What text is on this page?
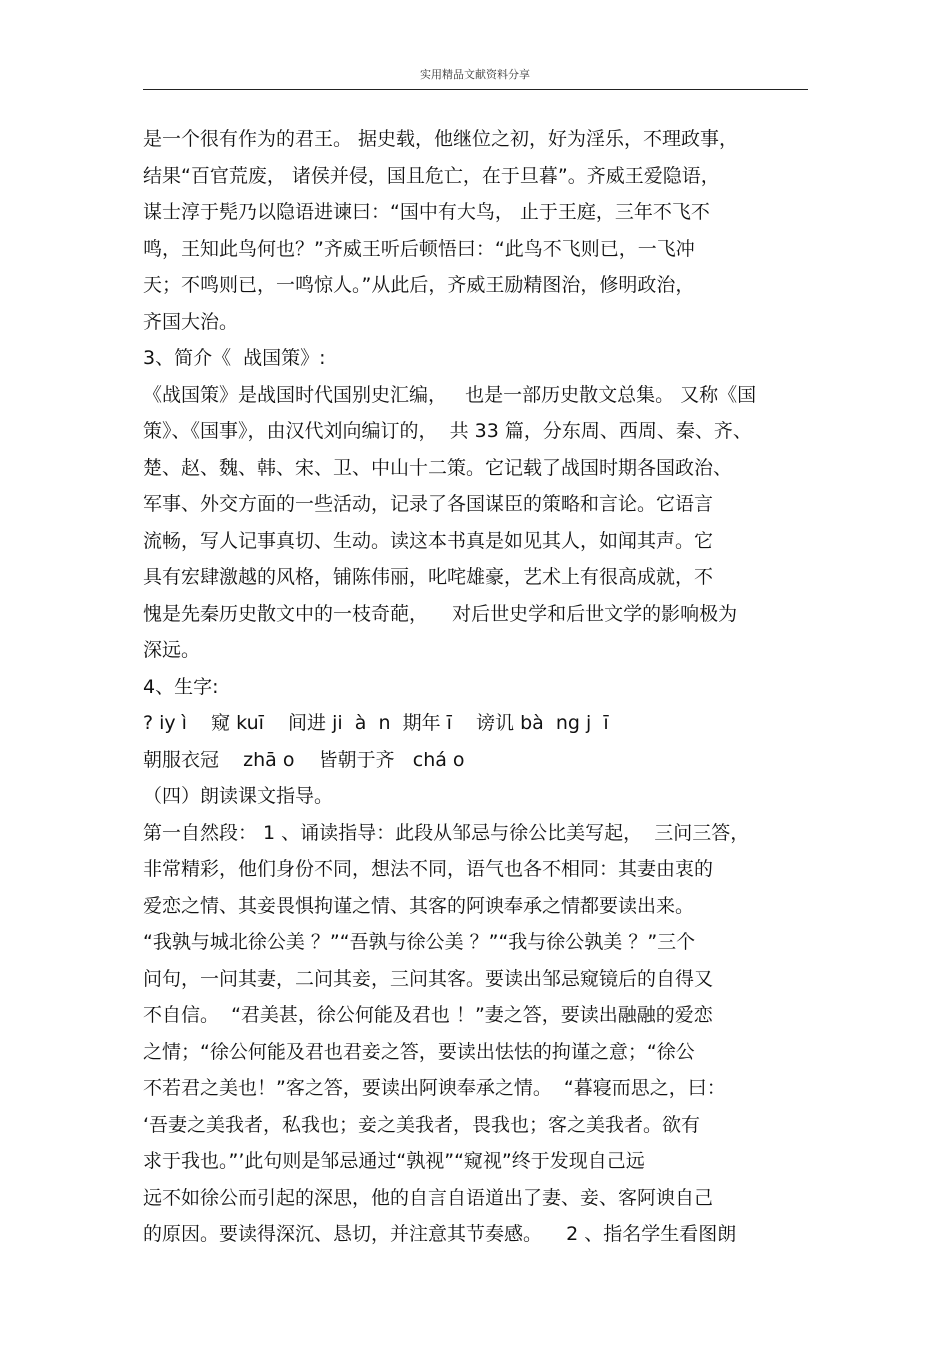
实用精品文献资料分享
是一个很有作为的君王。 据史载，他继位之初，好为淫乐，不理政事，
结果“百官荒废， 诸侯并侵，国且危亡，在于旦暮”。齐威王爱隐语，
谋士淳于髡乃以隐语进谏曰：“国中有大鸟， 止于王庭，三年不飞不
鸣，王知此鸟何也？”齐威王听后顿悟曰：“此鸟不飞则已，一飞冲
天；不鸣则已，一鸣惊人。”从此后，齐威王励精图治，修明政治，
齐国大治。
3、简介《  战国策》:
《战国策》是战国时代国别史汇编，   也是一部历史散文总集。 又称《国
策》、《国事》，由汉代刘向编订的，  共 33 篇，分东周、西周、秦、齐、
楚、赵、魏、韩、宋、卫、中山十二策。它记载了战国时期各国政治、
军事、外交方面的一些活动，记录了各国谋臣的策略和言论。它语言
流畅，写人记事真切、生动。读这本书真是如见其人，如闻其声。它
具有宏肆激越的风格，铺陈伟丽，叱咤雄豪，艺术上有很高成就，不
愧是先秦历史散文中的一枝奇葩，    对后世史学和后世文学的影响极为
深远。
4、生字:
? iy ì    窥 kuī    间进 ji  à  n  期年 ī    谤讥 bà  ng j  ī
朝服衣冠    zhā o    皆朝于齐   chá o
（四）朗读课文指导。
第一自然段： 1 、诵读指导：此段从邹忌与徐公比美写起，  三问三答，
非常精彩，他们身份不同，想法不同，语气也各不相同：其妻由衷的
爱恋之情、其妾畏惧拘谨之情、其客的阿谀奉承之情都要读出来。
“我孰与城北徐公美 ？”“吾孰与徐公美 ？”“我与徐公孰美 ？”三个
问句，一问其妻，二问其妾，三问其客。要读出邹忌窥镜后的自得又
不自信。  “君美甚，徐公何能及君也 ！”妻之答，要读出融融的爱恋
之情；“徐公何能及君也君妾之答，要读出怯怯的拘谨之意；“徐公
不若君之美也！”客之答，要读出阿谀奉承之情。  “暮寝而思之，曰：
‘吾妻之美我者，私我也；妾之美我者，畏我也；客之美我者。欲有
求于我也。”’此句则是邹忌通过“孰视”“窥视”终于发现自己远
远不如徐公而引起的深思，他的自言自语道出了妻、妾、客阿谀自己
的原因。要读得深沉、恳切，并注意其节奏感。    2 、指名学生看图朗
